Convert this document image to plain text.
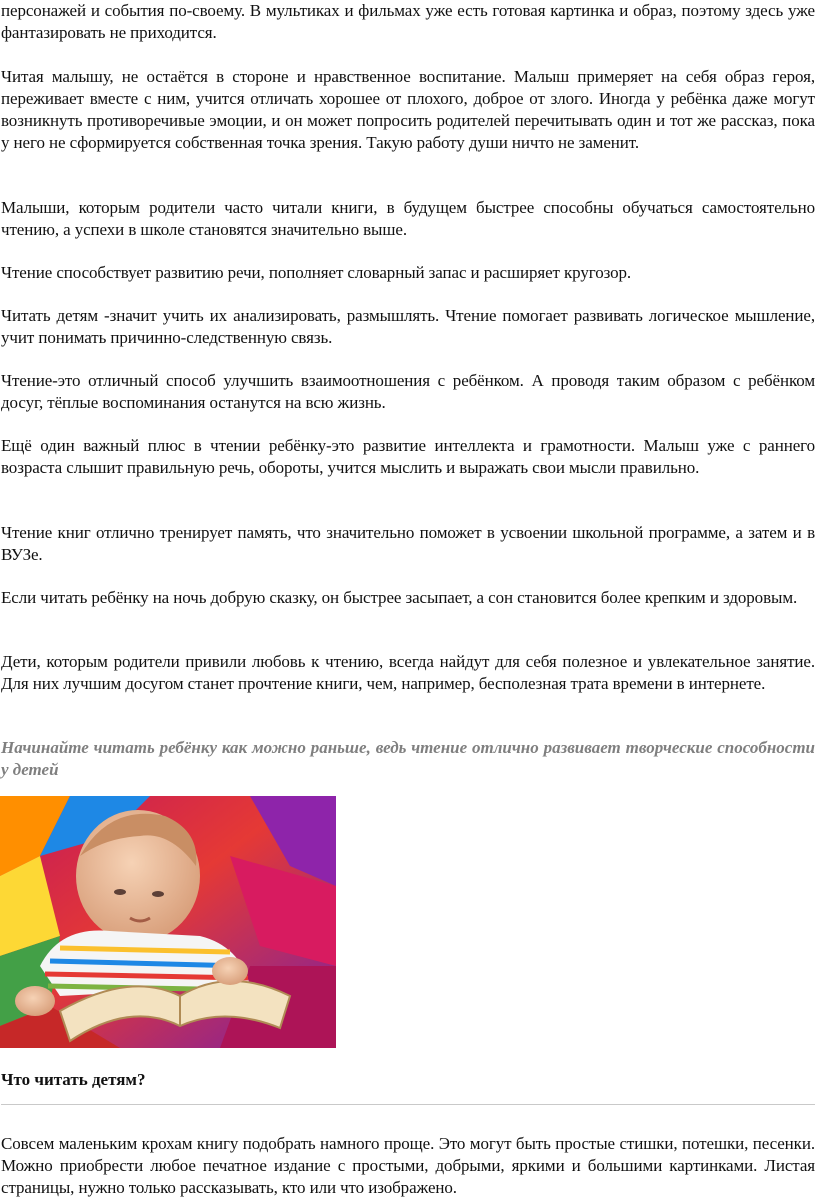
персонажей и события по-своему. В мультиках и фильмах уже есть готовая картинка и образ, поэтому здесь уже фантазировать не приходится.

Читая малышу, не остаётся в стороне и нравственное воспитание. Малыш примеряет на себя образ героя, переживает вместе с ним, учится отличать хорошее от плохого, доброе от злого. Иногда у ребёнка даже могут возникнуть противоречивые эмоции, и он может попросить родителей перечитывать один и тот же рассказ, пока у него не сформируется собственная точка зрения. Такую работу души ничто не заменит.

Малыши, которым родители часто читали книги, в будущем быстрее способны обучаться самостоятельно чтению, а успехи в школе становятся значительно выше.

Чтение способствует развитию речи, пополняет словарный запас и расширяет кругозор.

Читать детям -значит учить их анализировать, размышлять. Чтение помогает развивать логическое мышление, учит понимать причинно-следственную связь.

Чтение-это отличный способ улучшить взаимоотношения с ребёнком. А проводя таким образом с ребёнком досуг, тёплые воспоминания останутся на всю жизнь.

Ещё один важный плюс в чтении ребёнку-это развитие интеллекта и грамотности. Малыш уже с раннего возраста слышит правильную речь, обороты, учится мыслить и выражать свои мысли правильно.

Чтение книг отлично тренирует память, что значительно поможет в усвоении школьной программе, а затем и в ВУЗе.

Если читать ребёнку на ночь добрую сказку, он быстрее засыпает, а сон становится более крепким и здоровым.

Дети, которым родители привили любовь к чтению, всегда найдут для себя полезное и увлекательное занятие. Для них лучшим досугом станет прочтение книги, чем, например, бесполезная трата времени в интернете.

Начинайте читать ребёнку как можно раньше, ведь чтение отлично развивает творческие способности у детей

Что читать детям?

Совсем маленьким крохам книгу подобрать намного проще. Это могут быть простые стишки, потешки, песенки. Можно приобрести любое печатное издание с простыми, добрыми, яркими и большими картинками. Листая страницы, нужно только рассказывать, кто или что изображено.
